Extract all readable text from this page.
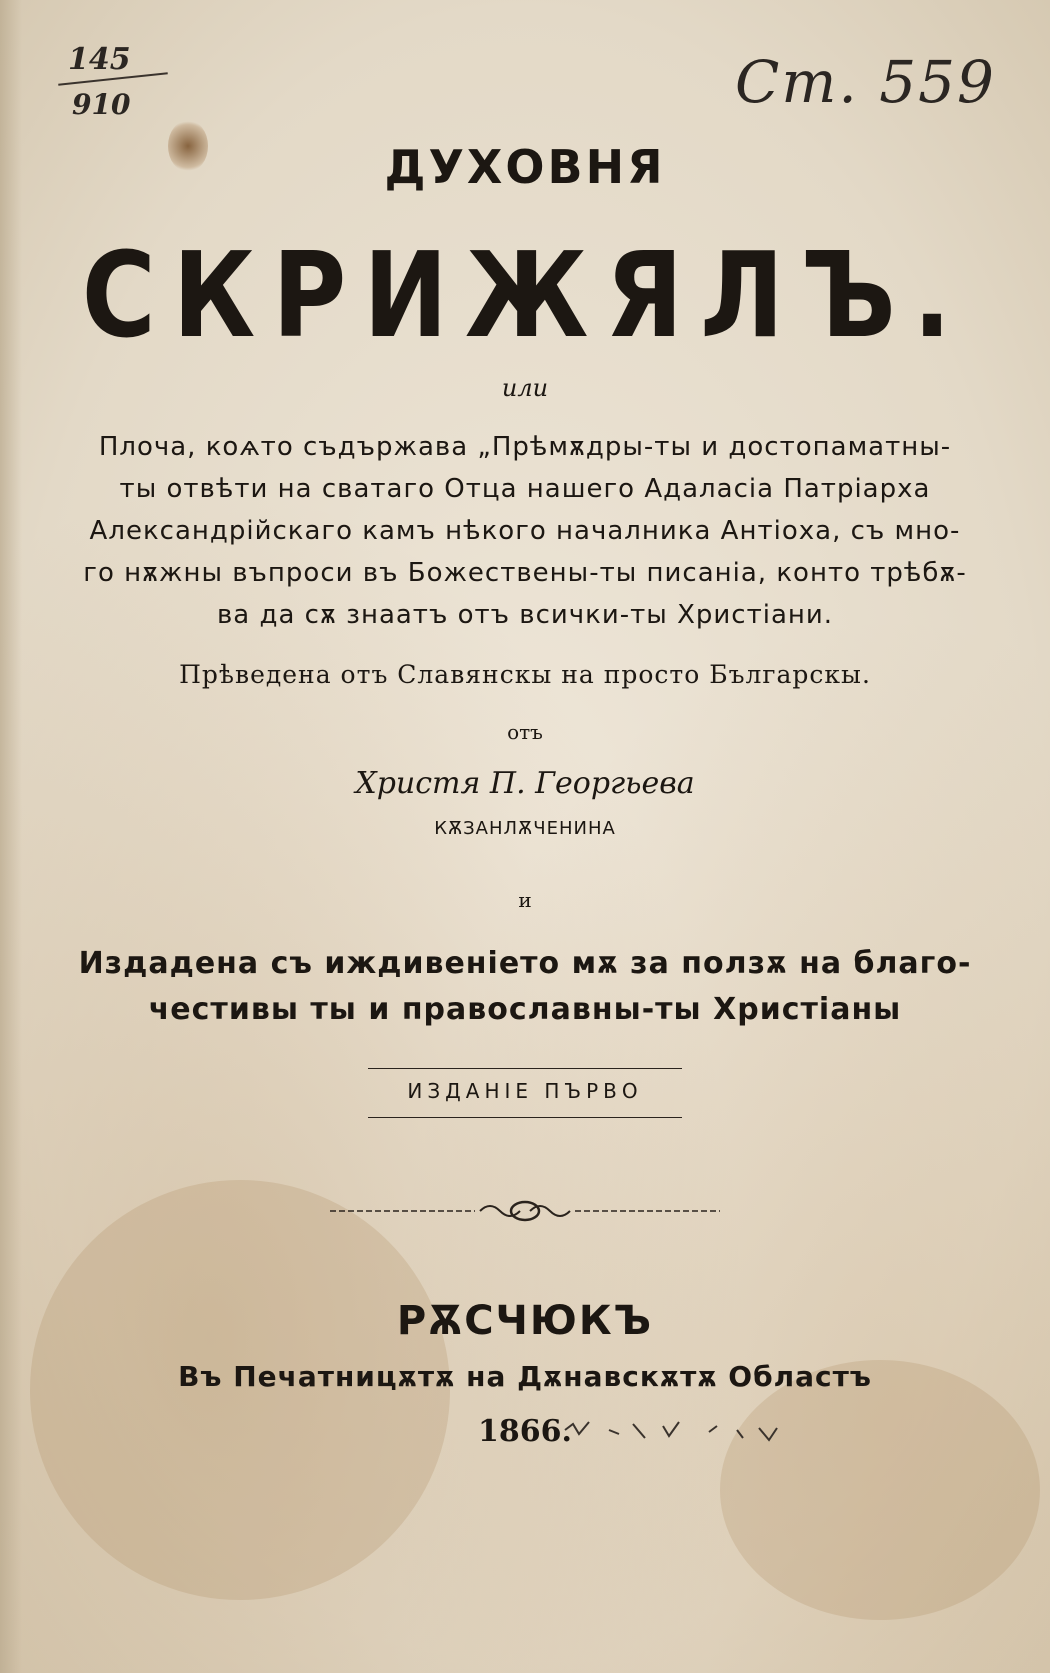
145
910	Ст. 559
ДУХОВНЯ
СКРИЖЯЛЪ.
или
Плоча, коѧто съдържава „Прѣмѫдры-ты и достопаматны-
ты отвѣти на сватаго Отца нашего Адаласіа Патріарха
Александрійскаго камъ нѣкого началника Антіоха, съ мно-
го нѫжны въпроси въ Божествены-ты писаніа, конто трѣбѫ-
ва да сѫ знаатъ отъ всички-ты Христіани.
Прѣведена отъ Славянскы на просто Българскы.
отъ
Христя П. Георгьева
КѪЗАНЛѪЧЕНИНА
и
Издадена съ иждивеніето мѫ за ползѫ на благо-
честивы ты и православны-ты Христіаны
ИЗДАНІЕ ПЪРВО
РѪСЧЮКЪ
Въ Печатницѫтѫ на Дѫнавскѫтѫ Областъ
1866.
